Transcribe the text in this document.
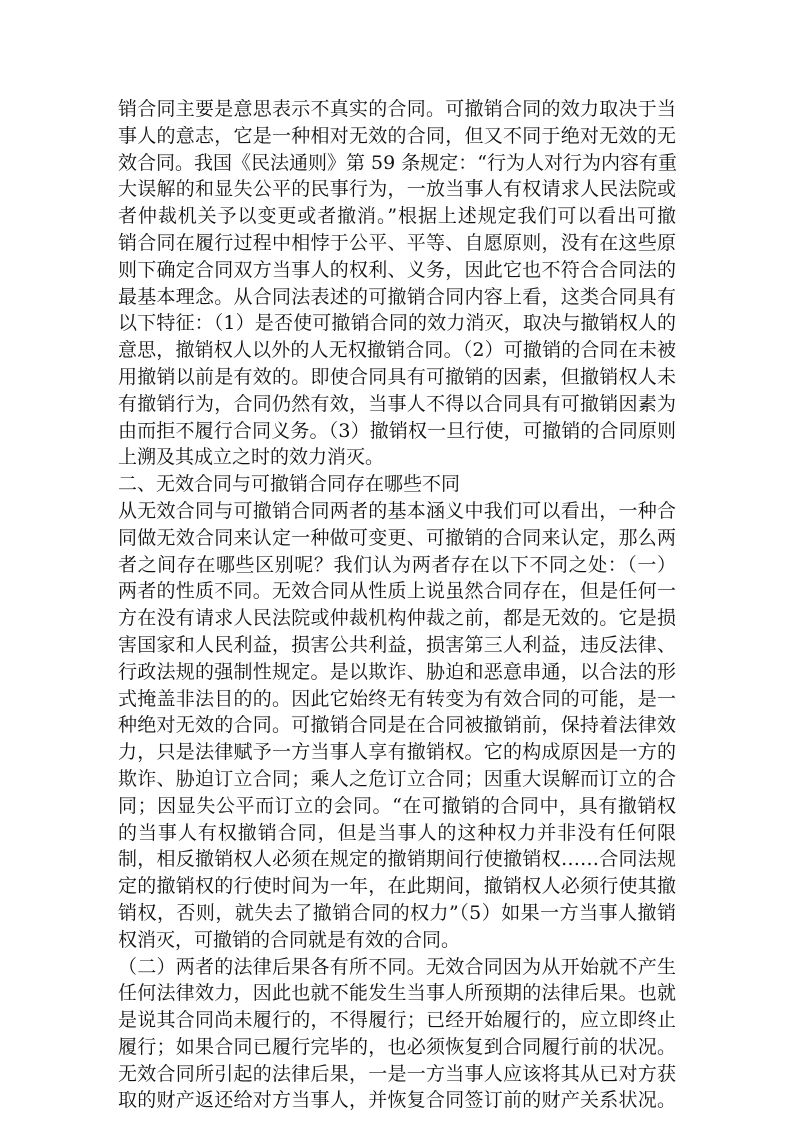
销合同主要是意思表示不真实的合同。可撤销合同的效力取决于当
事人的意志，它是一种相对无效的合同，但又不同于绝对无效的无
效合同。我国《民法通则》第 59 条规定：“行为人对行为内容有重
大误解的和显失公平的民事行为，一放当事人有权请求人民法院或
者仲裁机关予以变更或者撤消。”根据上述规定我们可以看出可撤
销合同在履行过程中相悖于公平、平等、自愿原则，没有在这些原
则下确定合同双方当事人的权利、义务，因此它也不符合合同法的
最基本理念。从合同法表述的可撤销合同内容上看，这类合同具有
以下特征：（1）是否使可撤销合同的效力消灭，取决与撤销权人的
意思，撤销权人以外的人无权撤销合同。（2）可撤销的合同在未被
用撤销以前是有效的。即使合同具有可撤销的因素，但撤销权人未
有撤销行为，合同仍然有效，当事人不得以合同具有可撤销因素为
由而拒不履行合同义务。（3）撤销权一旦行使，可撤销的合同原则
上溯及其成立之时的效力消灭。
二、无效合同与可撤销合同存在哪些不同
从无效合同与可撤销合同两者的基本涵义中我们可以看出，一种合
同做无效合同来认定一种做可变更、可撤销的合同来认定，那么两
者之间存在哪些区别呢？我们认为两者存在以下不同之处：（一）
两者的性质不同。无效合同从性质上说虽然合同存在，但是任何一
方在没有请求人民法院或仲裁机构仲裁之前，都是无效的。它是损
害国家和人民利益，损害公共利益，损害第三人利益，违反法律、
行政法规的强制性规定。是以欺诈、胁迫和恶意串通，以合法的形
式掩盖非法目的的。因此它始终无有转变为有效合同的可能，是一
种绝对无效的合同。可撤销合同是在合同被撤销前，保持着法律效
力，只是法律赋予一方当事人享有撤销权。它的构成原因是一方的
欺诈、胁迫订立合同；乘人之危订立合同；因重大误解而订立的合
同；因显失公平而订立的会同。“在可撤销的合同中，具有撤销权
的当事人有权撤销合同，但是当事人的这种权力并非没有任何限
制，相反撤销权人必须在规定的撤销期间行使撤销权……合同法规
定的撤销权的行使时间为一年，在此期间，撤销权人必须行使其撤
销权，否则，就失去了撤销合同的权力”（5）如果一方当事人撤销
权消灭，可撤销的合同就是有效的合同。
（二）两者的法律后果各有所不同。无效合同因为从开始就不产生
任何法律效力，因此也就不能发生当事人所预期的法律后果。也就
是说其合同尚未履行的，不得履行；已经开始履行的，应立即终止
履行；如果合同已履行完毕的，也必须恢复到合同履行前的状况。
无效合同所引起的法律后果，一是一方当事人应该将其从已对方获
取的财产返还给对方当事人，并恢复合同签订前的财产关系状况。
